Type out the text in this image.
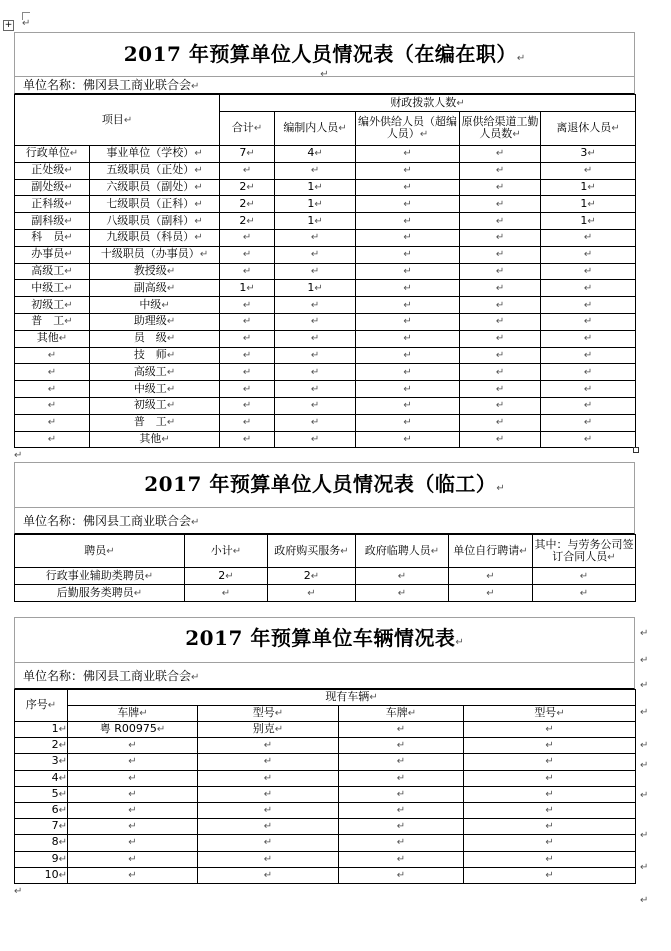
+ ↵
2017 年预算单位人员情况表（在编在职）↵
↵
单位名称：佛冈县工商业联合会↵
项目↵		财政拨款人数↵				
		合计↵	编制内人员↵	编外供给人员（超编人员）↵	原供给渠道工勤人员数↵	离退休人员↵
行政单位↵	事业单位（学校）↵	7↵	4↵	↵	↵	3↵
正处级↵	五级职员（正处）↵	↵	↵	↵	↵	↵
副处级↵	六级职员（副处）↵	2↵	1↵	↵	↵	1↵
正科级↵	七级职员（正科）↵	2↵	1↵	↵	↵	1↵
副科级↵	八级职员（副科）↵	2↵	1↵	↵	↵	1↵
科　员↵	九级职员（科员）↵	↵	↵	↵	↵	↵
办事员↵	十级职员（办事员）↵	↵	↵	↵	↵	↵
高级工↵	教授级↵	↵	↵	↵	↵	↵
中级工↵	副高级↵	1↵	1↵	↵	↵	↵
初级工↵	中级↵	↵	↵	↵	↵	↵
普　工↵	助理级↵	↵	↵	↵	↵	↵
其他↵	员　级↵	↵	↵	↵	↵	↵
↵	技　师↵	↵	↵	↵	↵	↵
↵	高级工↵	↵	↵	↵	↵	↵
↵	中级工↵	↵	↵	↵	↵	↵
↵	初级工↵	↵	↵	↵	↵	↵
↵	普　工↵	↵	↵	↵	↵	↵
↵	其他↵	↵	↵	↵	↵	↵
↵
2017 年预算单位人员情况表（临工）↵
单位名称：佛冈县工商业联合会↵
聘员↵	小计↵	政府购买服务↵	政府临聘人员↵	单位自行聘请↵	其中：与劳务公司签订合同人员↵
行政事业辅助类聘员↵	2↵	2↵	↵	↵	↵
后勤服务类聘员↵	↵	↵	↵	↵	↵
2017 年预算单位车辆情况表↵
单位名称：佛冈县工商业联合会↵
序号↵	现有车辆↵			
	车牌↵	型号↵	车牌↵	型号↵
1↵	粤 R00975↵	别克↵	↵	↵
2↵	↵	↵	↵	↵
3↵	↵	↵	↵	↵
4↵	↵	↵	↵	↵
5↵	↵	↵	↵	↵
6↵	↵	↵	↵	↵
7↵	↵	↵	↵	↵
8↵	↵	↵	↵	↵
9↵	↵	↵	↵	↵
10↵	↵	↵	↵	↵
↵
↵
↵
↵
↵
↵
↵
↵
↵
↵
↵
